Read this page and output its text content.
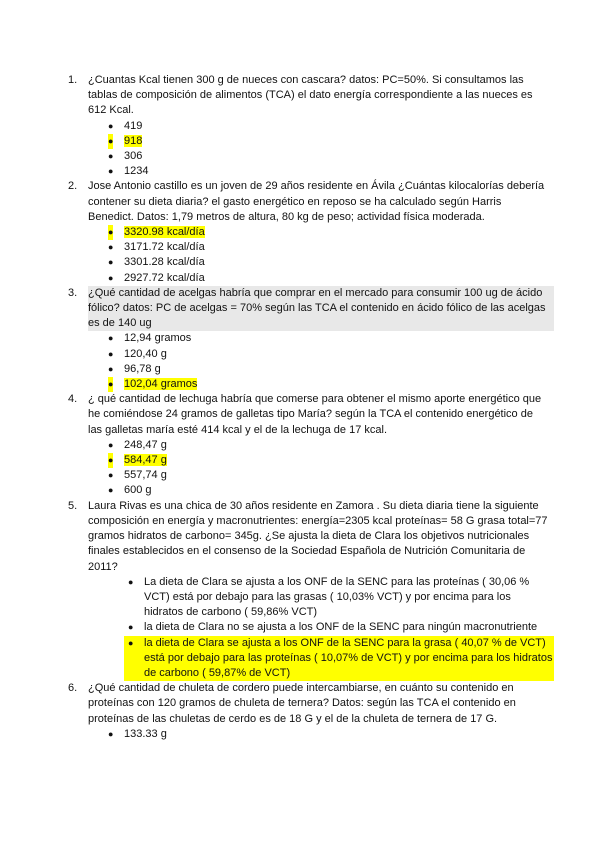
1. ¿Cuantas Kcal tienen 300 g de nueces con cascara? datos: PC=50%. Si consultamos las tablas de composición de alimentos (TCA) el dato energía correspondiente a las nueces es 612 Kcal.
● 419
● 918
● 306
● 1234
2. Jose Antonio castillo es un joven de 29 años residente en Ávila ¿Cuántas kilocalorías debería contener su dieta diaria? el gasto energético en reposo se ha calculado según Harris Benedict. Datos: 1,79 metros de altura, 80 kg de peso; actividad física moderada.
● 3320.98 kcal/día
● 3171.72 kcal/día
● 3301.28 kcal/día
● 2927.72 kcal/día
3. ¿Qué cantidad de acelgas habría que comprar en el mercado para consumir 100 ug de ácido fólico? datos: PC de acelgas = 70% según las TCA el contenido en ácido fólico de las acelgas es de 140 ug
● 12,94 gramos
● 120,40 g
● 96,78 g
● 102,04 gramos
4. ¿ qué cantidad de lechuga habría que comerse para obtener el mismo aporte energético que he comiéndose 24 gramos de galletas tipo María? según la TCA el contenido energético de las galletas maría esté 414 kcal y el de la lechuga de 17 kcal.
● 248,47 g
● 584,47 g
● 557,74 g
● 600 g
5. Laura Rivas es una chica de 30 años residente en Zamora . Su dieta diaria tiene la siguiente composición en energía y macronutrientes: energía=2305 kcal proteínas= 58 G grasa total=77 gramos hidratos de carbono= 345g. ¿Se ajusta la dieta de Clara los objetivos nutricionales finales establecidos en el consenso de la Sociedad Española de Nutrición Comunitaria de 2011?
● La dieta de Clara se ajusta a los ONF de la SENC para las proteínas ( 30,06 % VCT) está por debajo para las grasas ( 10,03% VCT) y por encima para los hidratos de carbono ( 59,86% VCT)
● la dieta de Clara no se ajusta a los ONF de la SENC para ningún macronutriente
● la dieta de Clara se ajusta a los ONF de la SENC para la grasa ( 40,07 % de VCT) está por debajo para las proteínas ( 10,07% de VCT) y por encima para los hidratos de carbono ( 59,87% de VCT)
6. ¿Qué cantidad de chuleta de cordero puede intercambiarse, en cuánto su contenido en proteínas con 120 gramos de chuleta de ternera? Datos: según las TCA el contenido en proteínas de las chuletas de cerdo es de 18 G y el de la chuleta de ternera de 17 G.
● 133.33 g
